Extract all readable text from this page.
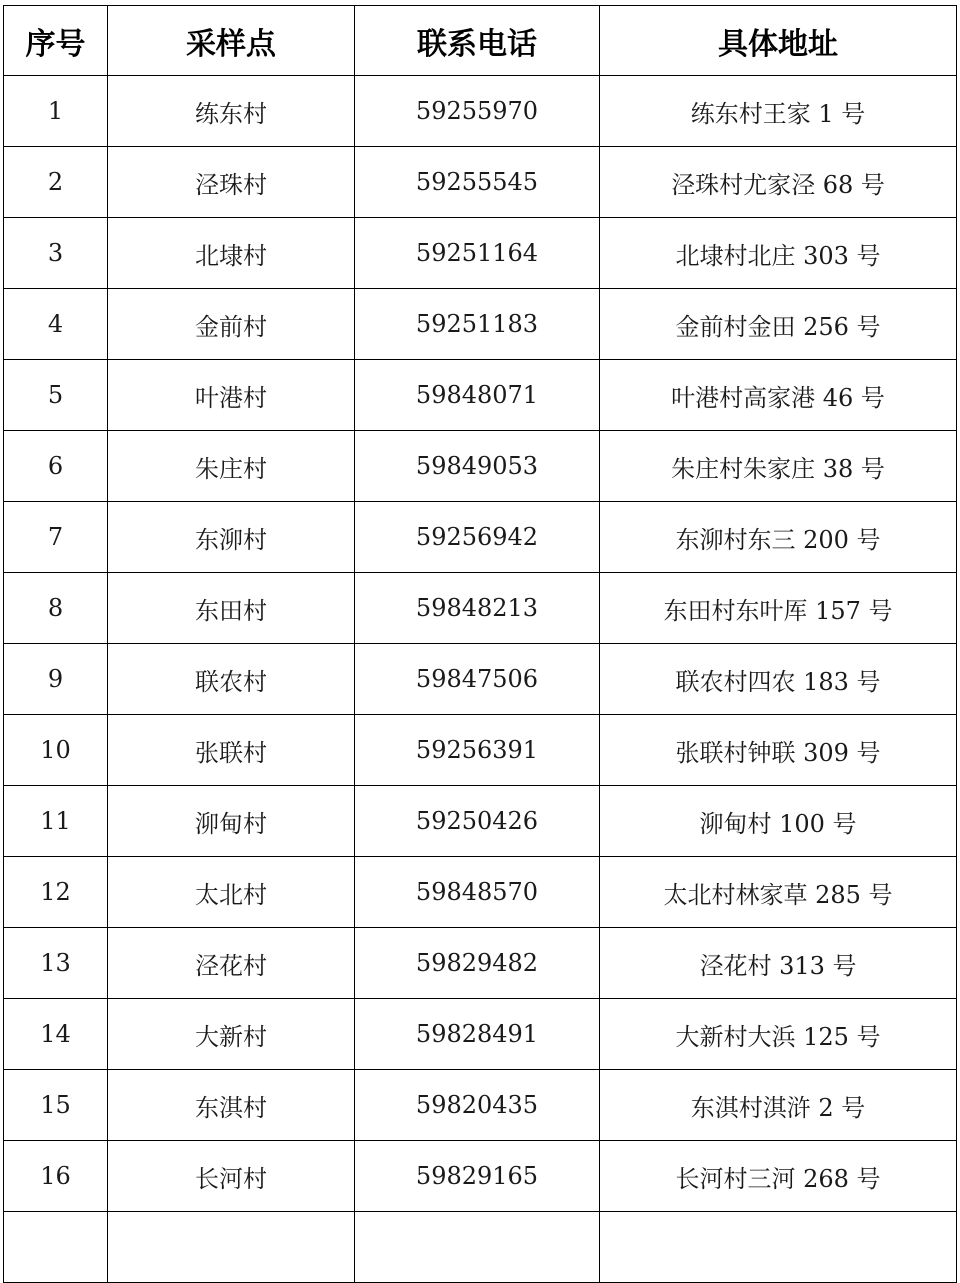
序号	采样点	联系电话	具体地址
1	练东村	59255970	练东村王家 1 号
2	泾珠村	59255545	泾珠村尤家泾 68 号
3	北埭村	59251164	北埭村北庄 303 号
4	金前村	59251183	金前村金田 256 号
5	叶港村	59848071	叶港村高家港 46 号
6	朱庄村	59849053	朱庄村朱家庄 38 号
7	东泖村	59256942	东泖村东三 200 号
8	东田村	59848213	东田村东叶厍 157 号
9	联农村	59847506	联农村四农 183 号
10	张联村	59256391	张联村钟联 309 号
11	泖甸村	59250426	泖甸村 100 号
12	太北村	59848570	太北村林家草 285 号
13	泾花村	59829482	泾花村 313 号
14	大新村	59828491	大新村大浜 125 号
15	东淇村	59820435	东淇村淇浒 2 号
16	长河村	59829165	长河村三河 268 号
